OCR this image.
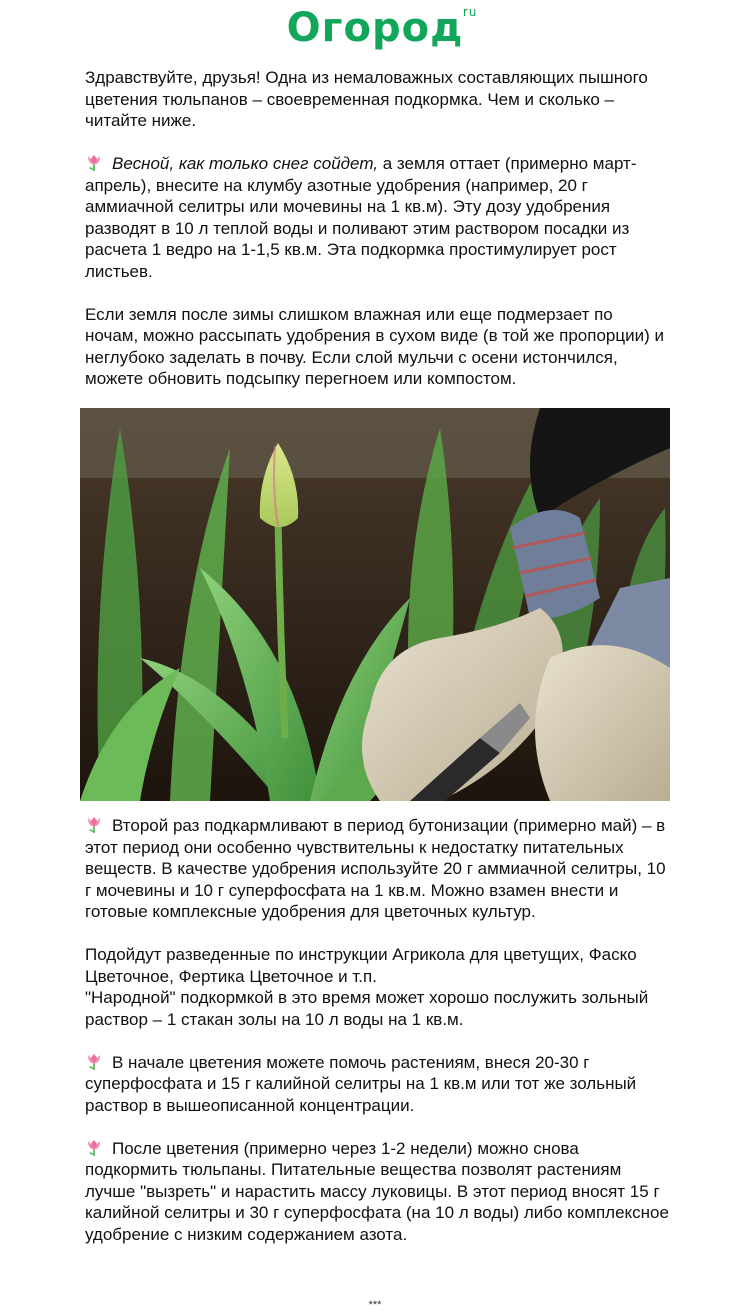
Огород ru

Здравствуйте, друзья! Одна из немаловажных составляющих пышного цветения тюльпанов – своевременная подкормка. Чем и сколько – читайте ниже.

Весной, как только снег сойдет, а земля оттает (примерно март-апрель), внесите на клумбу азотные удобрения (например, 20 г аммиачной селитры или мочевины на 1 кв.м). Эту дозу удобрения разводят в 10 л теплой воды и поливают этим раствором посадки из расчета 1 ведро на 1-1,5 кв.м. Эта подкормка простимулирует рост листьев.

Если земля после зимы слишком влажная или еще подмерзает по ночам, можно рассыпать удобрения в сухом виде (в той же пропорции) и неглубоко заделать в почву. Если слой мульчи с осени истончился, можете обновить подсыпку перегноем или компостом.

Второй раз подкармливают в период бутонизации (примерно май) – в этот период они особенно чувствительны к недостатку питательных веществ. В качестве удобрения используйте 20 г аммиачной селитры, 10 г мочевины и 10 г суперфосфата на 1 кв.м. Можно взамен внести и готовые комплексные удобрения для цветочных культур.

Подойдут разведенные по инструкции Агрикола для цветущих, Фаско Цветочное, Фертика Цветочное и т.п.

"Народной" подкормкой в это время может хорошо послужить зольный раствор – 1 стакан золы на 10 л воды на 1 кв.м.

В начале цветения можете помочь растениям, внеся 20-30 г суперфосфата и 15 г калийной селитры на 1 кв.м или тот же зольный раствор в вышеописанной концентрации.

После цветения (примерно через 1-2 недели) можно снова подкормить тюльпаны. Питательные вещества позволят растениям лучше "вызреть" и нарастить массу луковицы. В этот период вносят 15 г калийной селитры и 30 г суперфосфата (на 10 л воды) либо комплексное удобрение с низким содержанием азота.

***
